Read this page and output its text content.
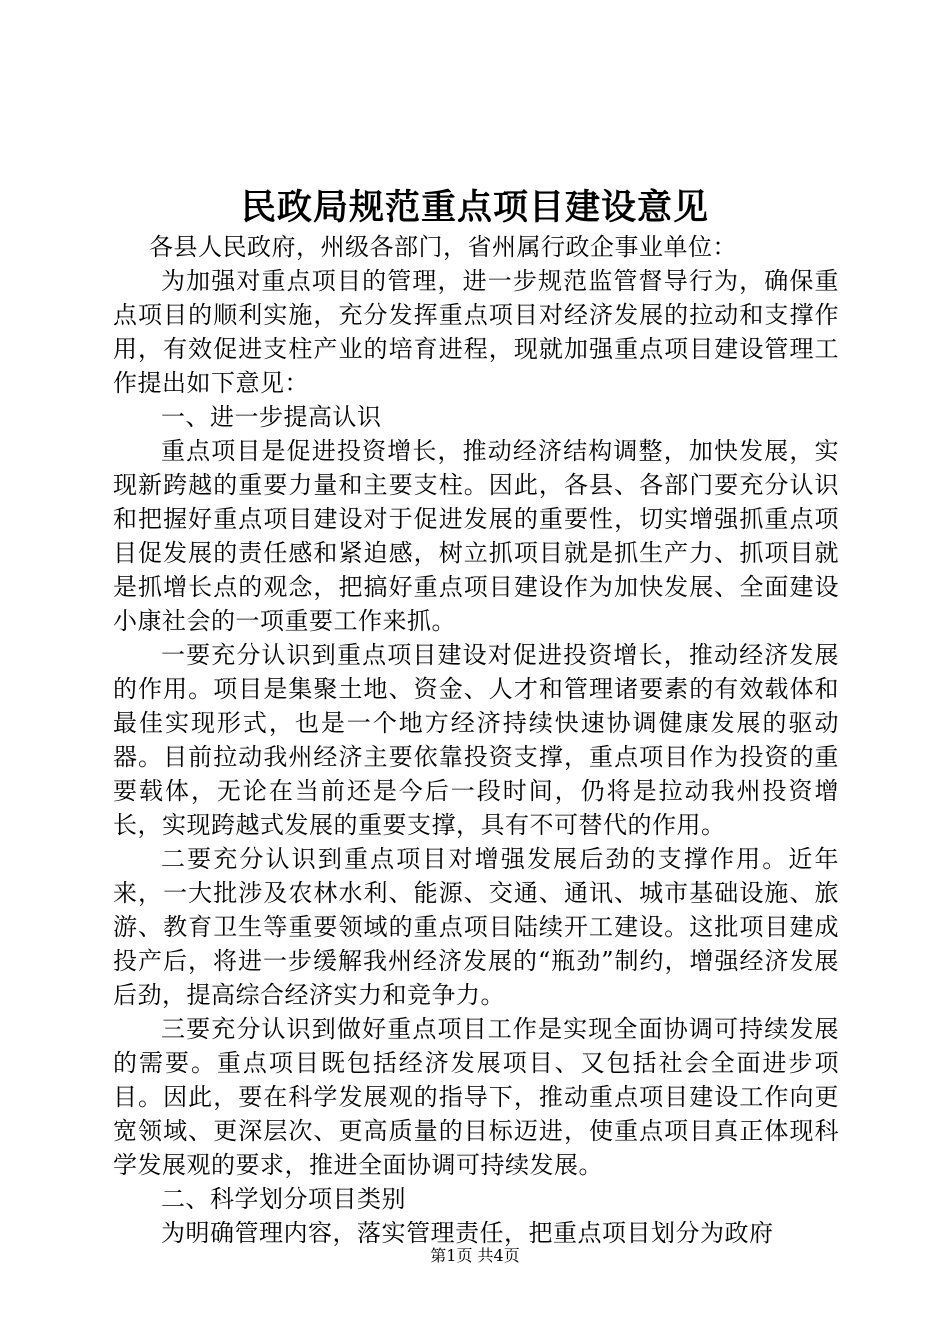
民政局规范重点项目建设意见

各县人民政府，州级各部门，省州属行政企事业单位：

为加强对重点项目的管理，进一步规范监管督导行为，确保重点项目的顺利实施，充分发挥重点项目对经济发展的拉动和支撑作用，有效促进支柱产业的培育进程，现就加强重点项目建设管理工作提出如下意见：

一、进一步提高认识

重点项目是促进投资增长，推动经济结构调整，加快发展，实现新跨越的重要力量和主要支柱。因此，各县、各部门要充分认识和把握好重点项目建设对于促进发展的重要性，切实增强抓重点项目促发展的责任感和紧迫感，树立抓项目就是抓生产力、抓项目就是抓增长点的观念，把搞好重点项目建设作为加快发展、全面建设小康社会的一项重要工作来抓。

一要充分认识到重点项目建设对促进投资增长，推动经济发展的作用。项目是集聚土地、资金、人才和管理诸要素的有效载体和最佳实现形式，也是一个地方经济持续快速协调健康发展的驱动器。目前拉动我州经济主要依靠投资支撑，重点项目作为投资的重要载体，无论在当前还是今后一段时间，仍将是拉动我州投资增长，实现跨越式发展的重要支撑，具有不可替代的作用。

二要充分认识到重点项目对增强发展后劲的支撑作用。近年来，一大批涉及农林水利、能源、交通、通讯、城市基础设施、旅游、教育卫生等重要领域的重点项目陆续开工建设。这批项目建成投产后，将进一步缓解我州经济发展的“瓶劲”制约，增强经济发展后劲，提高综合经济实力和竞争力。

三要充分认识到做好重点项目工作是实现全面协调可持续发展的需要。重点项目既包括经济发展项目、又包括社会全面进步项目。因此，要在科学发展观的指导下，推动重点项目建设工作向更宽领域、更深层次、更高质量的目标迈进，使重点项目真正体现科学发展观的要求，推进全面协调可持续发展。

二、科学划分项目类别

为明确管理内容，落实管理责任，把重点项目划分为政府

第1页 共4页
